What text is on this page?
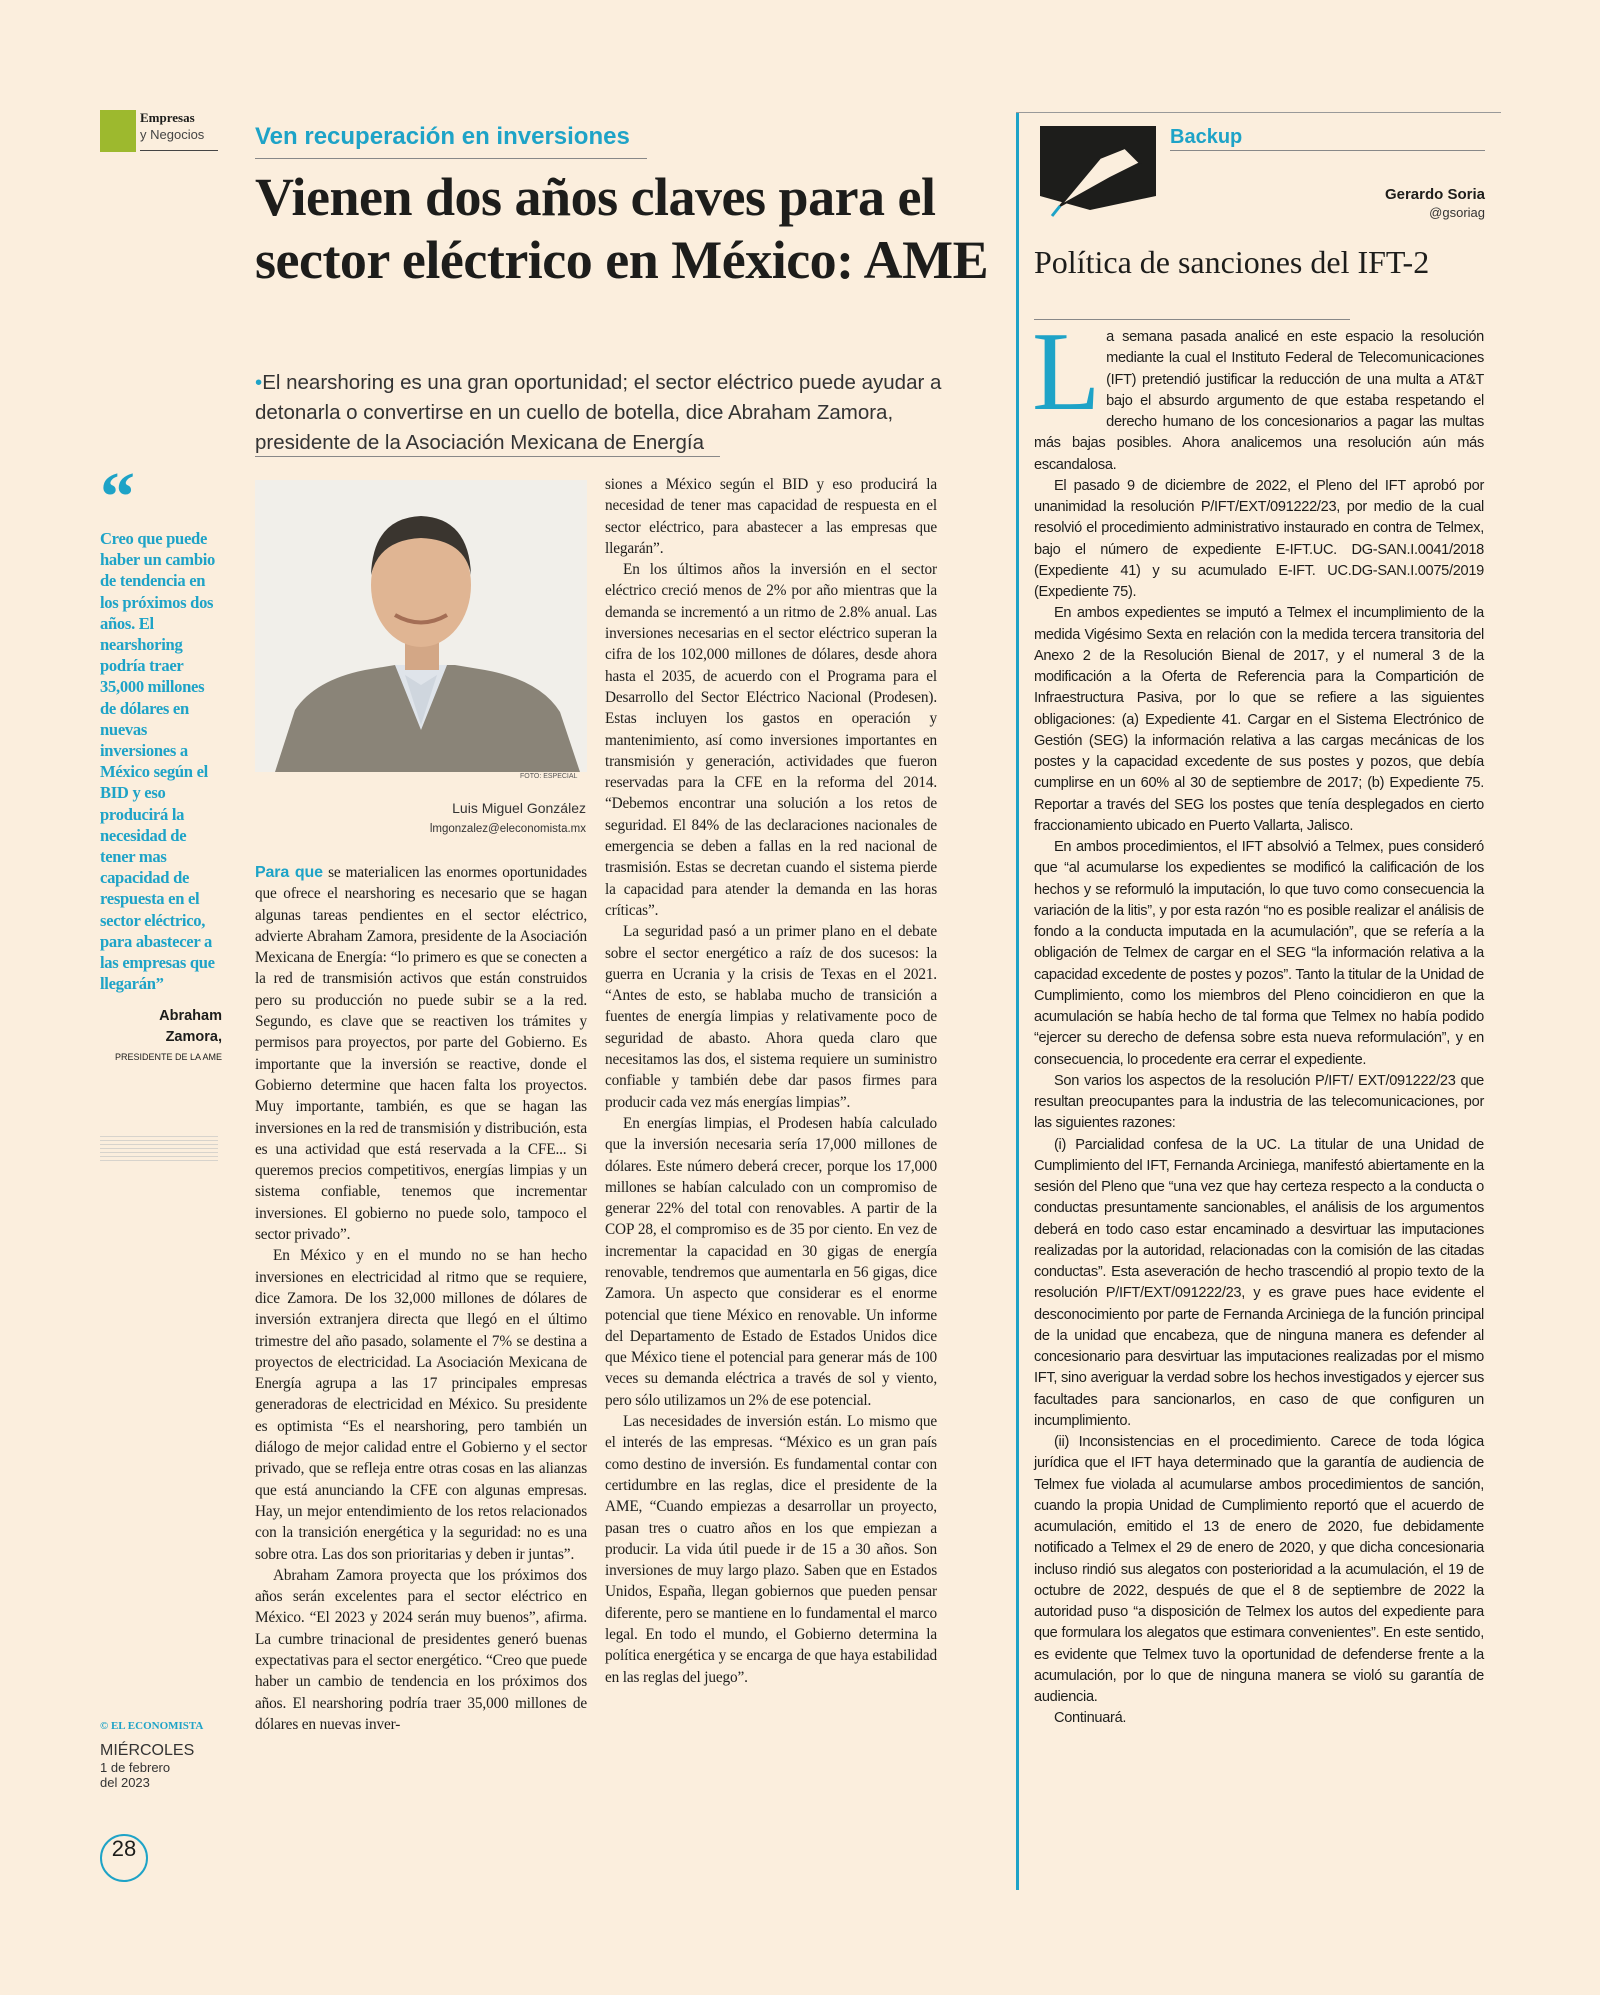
Empresas
y Negocios
“
Creo que puede haber un cambio de tendencia en los próximos dos años. El nearshoring podría traer 35,000 millones de dólares en nuevas inversiones a México según el BID y eso producirá la necesidad de tener mas capacidad de respuesta en el sector eléctrico, para abastecer a las empresas que llegarán”
Abraham Zamora,
PRESIDENTE DE LA AME
© EL ECONOMISTA
MIÉRCOLES
1 de febrero
del 2023
28
Ven recuperación en inversiones
Vienen dos años claves para el sector eléctrico en México: AME
•El nearshoring es una gran oportunidad; el sector eléctrico puede ayudar a detonarla o convertirse en un cuello de botella, dice Abraham Zamora, presidente de la Asociación Mexicana de Energía
FOTO: ESPECIAL
Luis Miguel González
lmgonzalez@eleconomista.mx

Para que se materialicen las enormes oportunidades que ofrece el nearshoring es necesario que se hagan algunas tareas pendientes en el sector eléctrico, advierte Abraham Zamora, presidente de la Asociación Mexicana de Energía: “lo primero es que se conecten a la red de transmisión activos que están construidos pero su producción no puede subir se a la red. Segundo, es clave que se reactiven los trámites y permisos para proyectos, por parte del Gobierno. Es importante que la inversión se reactive, donde el Gobierno determine que hacen falta los proyectos. Muy importante, también, es que se hagan las inversiones en la red de transmisión y distribución, esta es una actividad que está reservada a la CFE... Si queremos precios competitivos, energías limpias y un sistema confiable, tenemos que incrementar inversiones. El gobierno no puede solo, tampoco el sector privado”.

En México y en el mundo no se han hecho inversiones en electricidad al ritmo que se requiere, dice Zamora. De los 32,000 millones de dólares de inversión extranjera directa que llegó en el último trimestre del año pasado, solamente el 7% se destina a proyectos de electricidad. La Asociación Mexicana de Energía agrupa a las 17 principales empresas generadoras de electricidad en México. Su presidente es optimista “Es el nearshoring, pero también un diálogo de mejor calidad entre el Gobierno y el sector privado, que se refleja entre otras cosas en las alianzas que está anunciando la CFE con algunas empresas. Hay, un mejor entendimiento de los retos relacionados con la transición energética y la seguridad: no es una sobre otra. Las dos son prioritarias y deben ir juntas”.

Abraham Zamora proyecta que los próximos dos años serán excelentes para el sector eléctrico en México. “El 2023 y 2024 serán muy buenos”, afirma. La cumbre trinacional de presidentes generó buenas expectativas para el sector energético. “Creo que puede haber un cambio de tendencia en los próximos dos años. El nearshoring podría traer 35,000 millones de dólares en nuevas inver-

siones a México según el BID y eso producirá la necesidad de tener mas capacidad de respuesta en el sector eléctrico, para abastecer a las empresas que llegarán”.

En los últimos años la inversión en el sector eléctrico creció menos de 2% por año mientras que la demanda se incrementó a un ritmo de 2.8% anual. Las inversiones necesarias en el sector eléctrico superan la cifra de los 102,000 millones de dólares, desde ahora hasta el 2035, de acuerdo con el Programa para el Desarrollo del Sector Eléctrico Nacional (Prodesen). Estas incluyen los gastos en operación y mantenimiento, así como inversiones importantes en transmisión y generación, actividades que fueron reservadas para la CFE en la reforma del 2014. “Debemos encontrar una solución a los retos de seguridad. El 84% de las declaraciones nacionales de emergencia se deben a fallas en la red nacional de trasmisión. Estas se decretan cuando el sistema pierde la capacidad para atender la demanda en las horas críticas”.

La seguridad pasó a un primer plano en el debate sobre el sector energético a raíz de dos sucesos: la guerra en Ucrania y la crisis de Texas en el 2021. “Antes de esto, se hablaba mucho de transición a fuentes de energía limpias y relativamente poco de seguridad de abasto. Ahora queda claro que necesitamos las dos, el sistema requiere un suministro confiable y también debe dar pasos firmes para producir cada vez más energías limpias”.

En energías limpias, el Prodesen había calculado que la inversión necesaria sería 17,000 millones de dólares. Este número deberá crecer, porque los 17,000 millones se habían calculado con un compromiso de generar 22% del total con renovables. A partir de la COP 28, el compromiso es de 35 por ciento. En vez de incrementar la capacidad en 30 gigas de energía renovable, tendremos que aumentarla en 56 gigas, dice Zamora. Un aspecto que considerar es el enorme potencial que tiene México en renovable. Un informe del Departamento de Estado de Estados Unidos dice que México tiene el potencial para generar más de 100 veces su demanda eléctrica a través de sol y viento, pero sólo utilizamos un 2% de ese potencial.

Las necesidades de inversión están. Lo mismo que el interés de las empresas. “México es un gran país como destino de inversión. Es fundamental contar con certidumbre en las reglas, dice el presidente de la AME, “Cuando empiezas a desarrollar un proyecto, pasan tres o cuatro años en los que empiezan a producir. La vida útil puede ir de 15 a 30 años. Son inversiones de muy largo plazo. Saben que en Estados Unidos, España, llegan gobiernos que pueden pensar diferente, pero se mantiene en lo fundamental el marco legal. En todo el mundo, el Gobierno determina la política energética y se encarga de que haya estabilidad en las reglas del juego”.

Backup
Gerardo Soria
@gsoriag
Política de sanciones del IFT-2

La semana pasada analicé en este espacio la resolución mediante la cual el Instituto Federal de Telecomunicaciones (IFT) pretendió justificar la reducción de una multa a AT&T bajo el absurdo argumento de que estaba respetando el derecho humano de los concesionarios a pagar las multas más bajas posibles. Ahora analicemos una resolución aún más escandalosa.

El pasado 9 de diciembre de 2022, el Pleno del IFT aprobó por unanimidad la resolución P/IFT/EXT/091222/23, por medio de la cual resolvió el procedimiento administrativo instaurado en contra de Telmex, bajo el número de expediente E-IFT.UC. DG-SAN.I.0041/2018 (Expediente 41) y su acumulado E-IFT. UC.DG-SAN.I.0075/2019 (Expediente 75).

En ambos expedientes se imputó a Telmex el incumplimiento de la medida Vigésimo Sexta en relación con la medida tercera transitoria del Anexo 2 de la Resolución Bienal de 2017, y el numeral 3 de la modificación a la Oferta de Referencia para la Compartición de Infraestructura Pasiva, por lo que se refiere a las siguientes obligaciones: (a) Expediente 41. Cargar en el Sistema Electrónico de Gestión (SEG) la información relativa a las cargas mecánicas de los postes y la capacidad excedente de sus postes y pozos, que debía cumplirse en un 60% al 30 de septiembre de 2017; (b) Expediente 75. Reportar a través del SEG los postes que tenía desplegados en cierto fraccionamiento ubicado en Puerto Vallarta, Jalisco.

En ambos procedimientos, el IFT absolvió a Telmex, pues consideró que “al acumularse los expedientes se modificó la calificación de los hechos y se reformuló la imputación, lo que tuvo como consecuencia la variación de la litis”, y por esta razón “no es posible realizar el análisis de fondo a la conducta imputada en la acumulación”, que se refería a la obligación de Telmex de cargar en el SEG “la información relativa a la capacidad excedente de postes y pozos”. Tanto la titular de la Unidad de Cumplimiento, como los miembros del Pleno coincidieron en que la acumulación se había hecho de tal forma que Telmex no había podido “ejercer su derecho de defensa sobre esta nueva reformulación”, y en consecuencia, lo procedente era cerrar el expediente.

Son varios los aspectos de la resolución P/IFT/ EXT/091222/23 que resultan preocupantes para la industria de las telecomunicaciones, por las siguientes razones:

(i) Parcialidad confesa de la UC. La titular de una Unidad de Cumplimiento del IFT, Fernanda Arciniega, manifestó abiertamente en la sesión del Pleno que “una vez que hay certeza respecto a la conducta o conductas presuntamente sancionables, el análisis de los argumentos deberá en todo caso estar encaminado a desvirtuar las imputaciones realizadas por la autoridad, relacionadas con la comisión de las citadas conductas”. Esta aseveración de hecho trascendió al propio texto de la resolución P/IFT/EXT/091222/23, y es grave pues hace evidente el desconocimiento por parte de Fernanda Arciniega de la función principal de la unidad que encabeza, que de ninguna manera es defender al concesionario para desvirtuar las imputaciones realizadas por el mismo IFT, sino averiguar la verdad sobre los hechos investigados y ejercer sus facultades para sancionarlos, en caso de que configuren un incumplimiento.

(ii) Inconsistencias en el procedimiento. Carece de toda lógica jurídica que el IFT haya determinado que la garantía de audiencia de Telmex fue violada al acumularse ambos procedimientos de sanción, cuando la propia Unidad de Cumplimiento reportó que el acuerdo de acumulación, emitido el 13 de enero de 2020, fue debidamente notificado a Telmex el 29 de enero de 2020, y que dicha concesionaria incluso rindió sus alegatos con posterioridad a la acumulación, el 19 de octubre de 2022, después de que el 8 de septiembre de 2022 la autoridad puso “a disposición de Telmex los autos del expediente para que formulara los alegatos que estimara convenientes”. En este sentido, es evidente que Telmex tuvo la oportunidad de defenderse frente a la acumulación, por lo que de ninguna manera se violó su garantía de audiencia.

Continuará.
